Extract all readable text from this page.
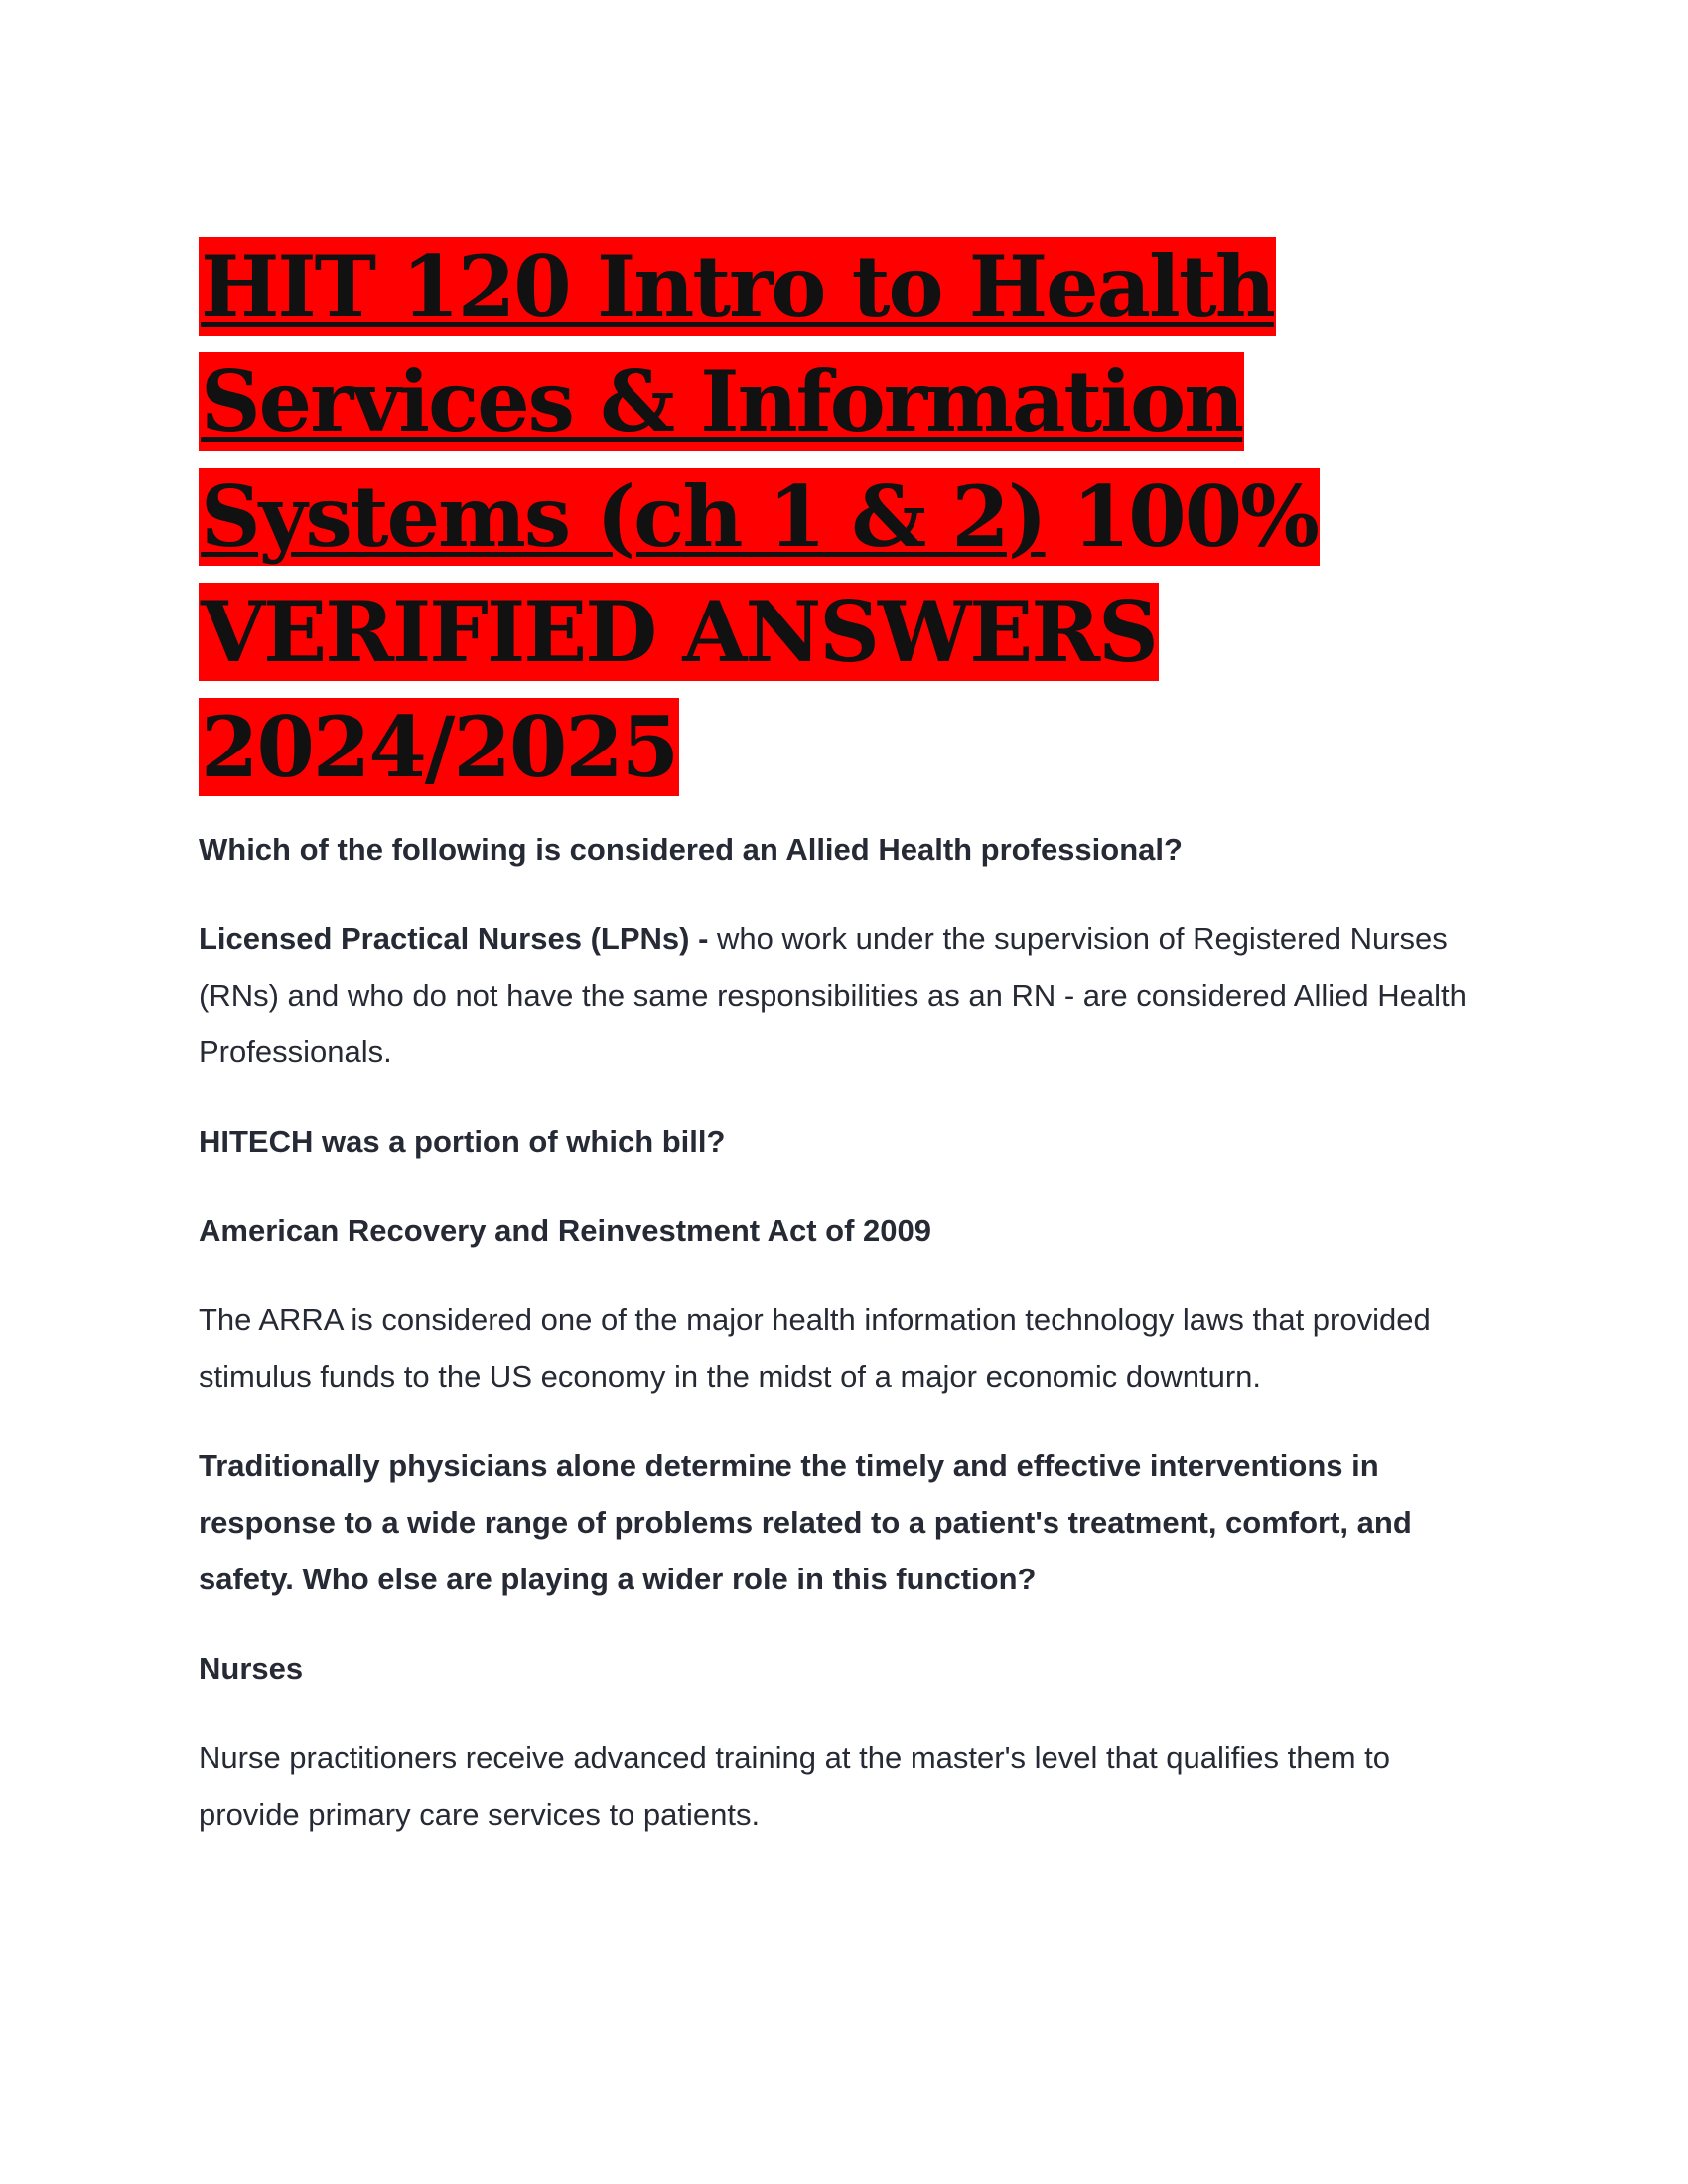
HIT 120 Intro to Health Services & Information Systems (ch 1 & 2) 100% VERIFIED ANSWERS 2024/2025

Which of the following is considered an Allied Health professional?

Licensed Practical Nurses (LPNs) - who work under the supervision of Registered Nurses (RNs) and who do not have the same responsibilities as an RN - are considered Allied Health Professionals.

HITECH was a portion of which bill?

American Recovery and Reinvestment Act of 2009

The ARRA is considered one of the major health information technology laws that provided stimulus funds to the US economy in the midst of a major economic downturn.

Traditionally physicians alone determine the timely and effective interventions in response to a wide range of problems related to a patient's treatment, comfort, and safety. Who else are playing a wider role in this function?

Nurses

Nurse practitioners receive advanced training at the master's level that qualifies them to provide primary care services to patients.
